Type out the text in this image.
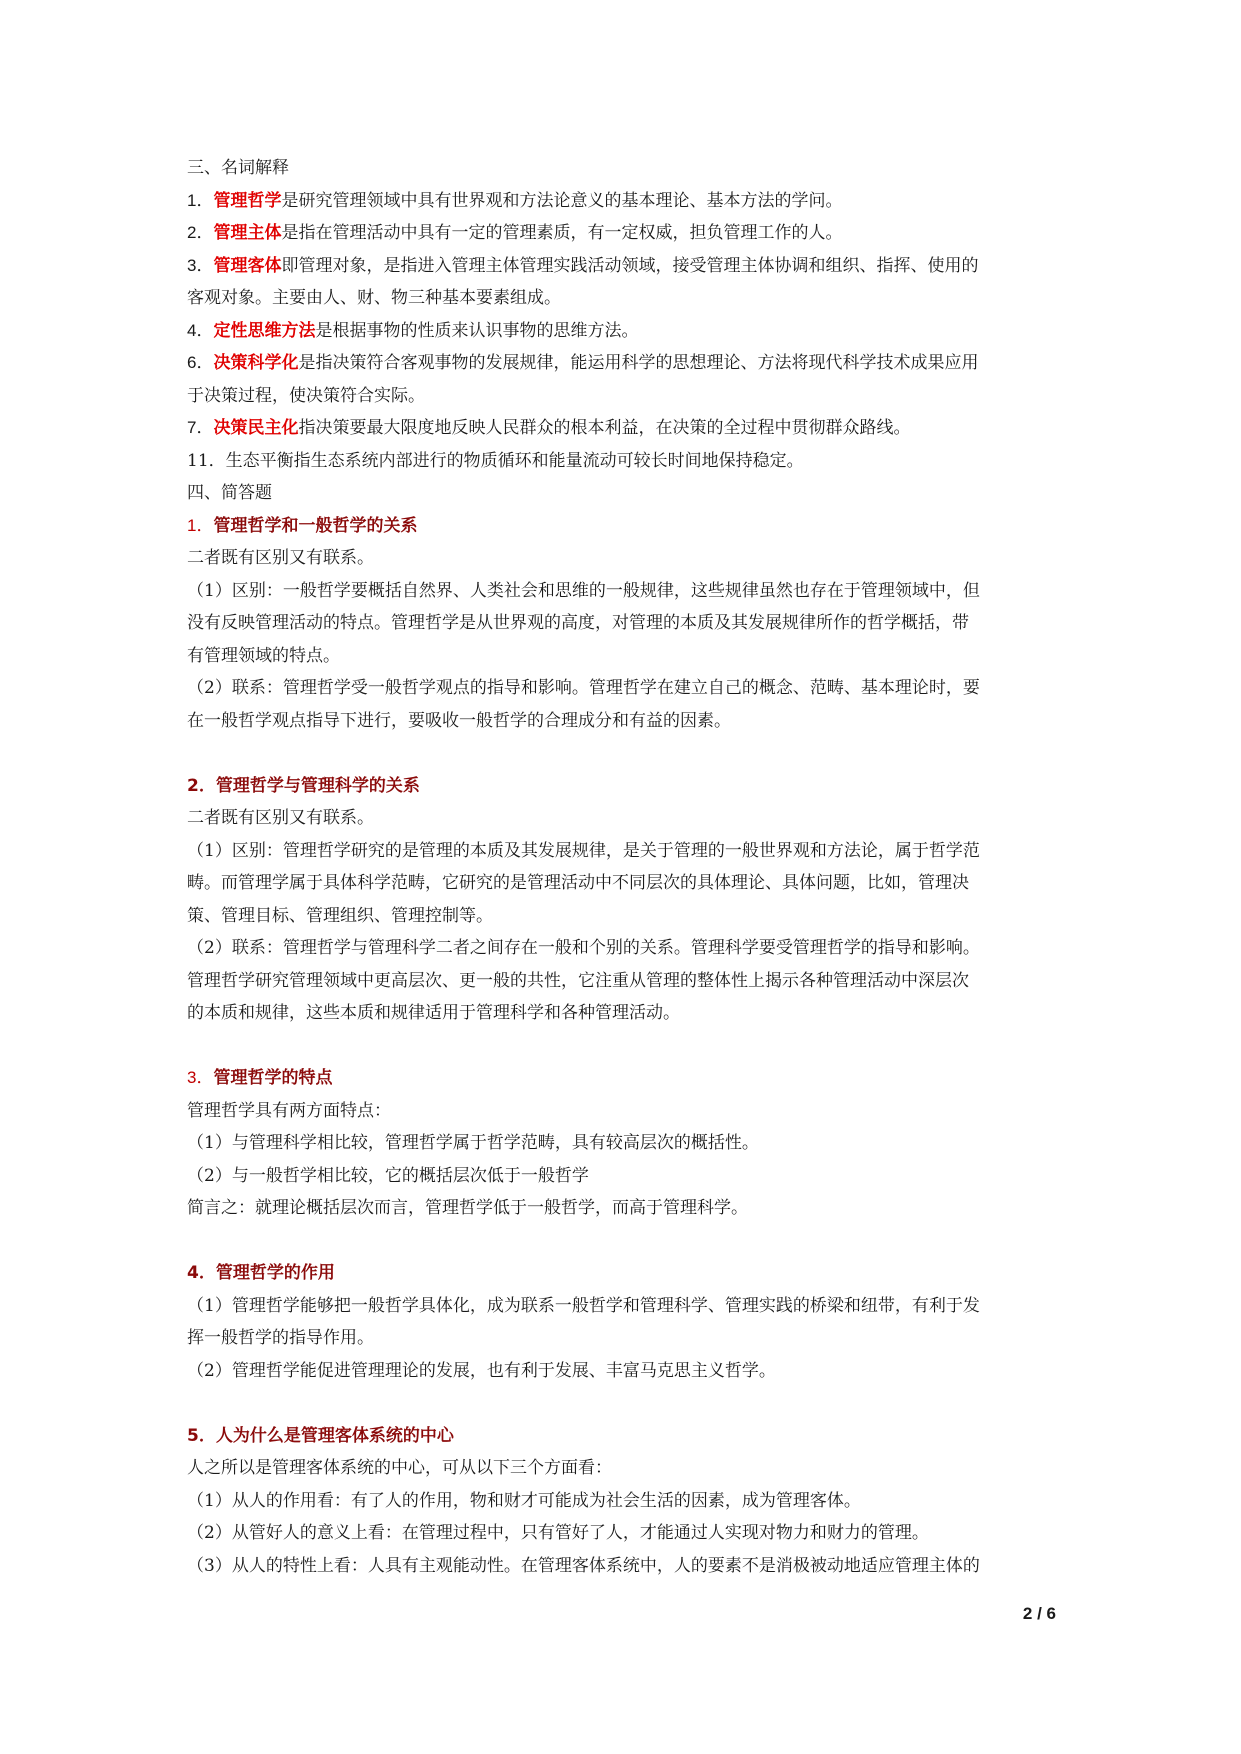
三、名词解释
1．管理哲学是研究管理领域中具有世界观和方法论意义的基本理论、基本方法的学问。
2．管理主体是指在管理活动中具有一定的管理素质，有一定权威，担负管理工作的人。
3．管理客体即管理对象，是指进入管理主体管理实践活动领域，接受管理主体协调和组织、指挥、使用的
客观对象。主要由人、财、物三种基本要素组成。
4．定性思维方法是根据事物的性质来认识事物的思维方法。
6．决策科学化是指决策符合客观事物的发展规律，能运用科学的思想理论、方法将现代科学技术成果应用
于决策过程，使决策符合实际。
7．决策民主化指决策要最大限度地反映人民群众的根本利益，在决策的全过程中贯彻群众路线。
11．生态平衡指生态系统内部进行的物质循环和能量流动可较长时间地保持稳定。
四、简答题
1．管理哲学和一般哲学的关系
二者既有区别又有联系。
（1）区别：一般哲学要概括自然界、人类社会和思维的一般规律，这些规律虽然也存在于管理领域中，但
没有反映管理活动的特点。管理哲学是从世界观的高度，对管理的本质及其发展规律所作的哲学概括，带
有管理领域的特点。
（2）联系：管理哲学受一般哲学观点的指导和影响。管理哲学在建立自己的概念、范畴、基本理论时，要
在一般哲学观点指导下进行，要吸收一般哲学的合理成分和有益的因素。
2．管理哲学与管理科学的关系
二者既有区别又有联系。
（1）区别：管理哲学研究的是管理的本质及其发展规律，是关于管理的一般世界观和方法论，属于哲学范
畴。而管理学属于具体科学范畴，它研究的是管理活动中不同层次的具体理论、具体问题，比如，管理决
策、管理目标、管理组织、管理控制等。
（2）联系：管理哲学与管理科学二者之间存在一般和个别的关系。管理科学要受管理哲学的指导和影响。
管理哲学研究管理领域中更高层次、更一般的共性，它注重从管理的整体性上揭示各种管理活动中深层次
的本质和规律，这些本质和规律适用于管理科学和各种管理活动。
3．管理哲学的特点
管理哲学具有两方面特点：
（1）与管理科学相比较，管理哲学属于哲学范畴，具有较高层次的概括性。
（2）与一般哲学相比较，它的概括层次低于一般哲学
简言之：就理论概括层次而言，管理哲学低于一般哲学，而高于管理科学。
4．管理哲学的作用
（1）管理哲学能够把一般哲学具体化，成为联系一般哲学和管理科学、管理实践的桥梁和纽带，有利于发
挥一般哲学的指导作用。
（2）管理哲学能促进管理理论的发展，也有利于发展、丰富马克思主义哲学。
5．人为什么是管理客体系统的中心
人之所以是管理客体系统的中心，可从以下三个方面看：
（1）从人的作用看：有了人的作用，物和财才可能成为社会生活的因素，成为管理客体。
（2）从管好人的意义上看：在管理过程中，只有管好了人，才能通过人实现对物力和财力的管理。
（3）从人的特性上看：人具有主观能动性。在管理客体系统中，人的要素不是消极被动地适应管理主体的
2 / 6
